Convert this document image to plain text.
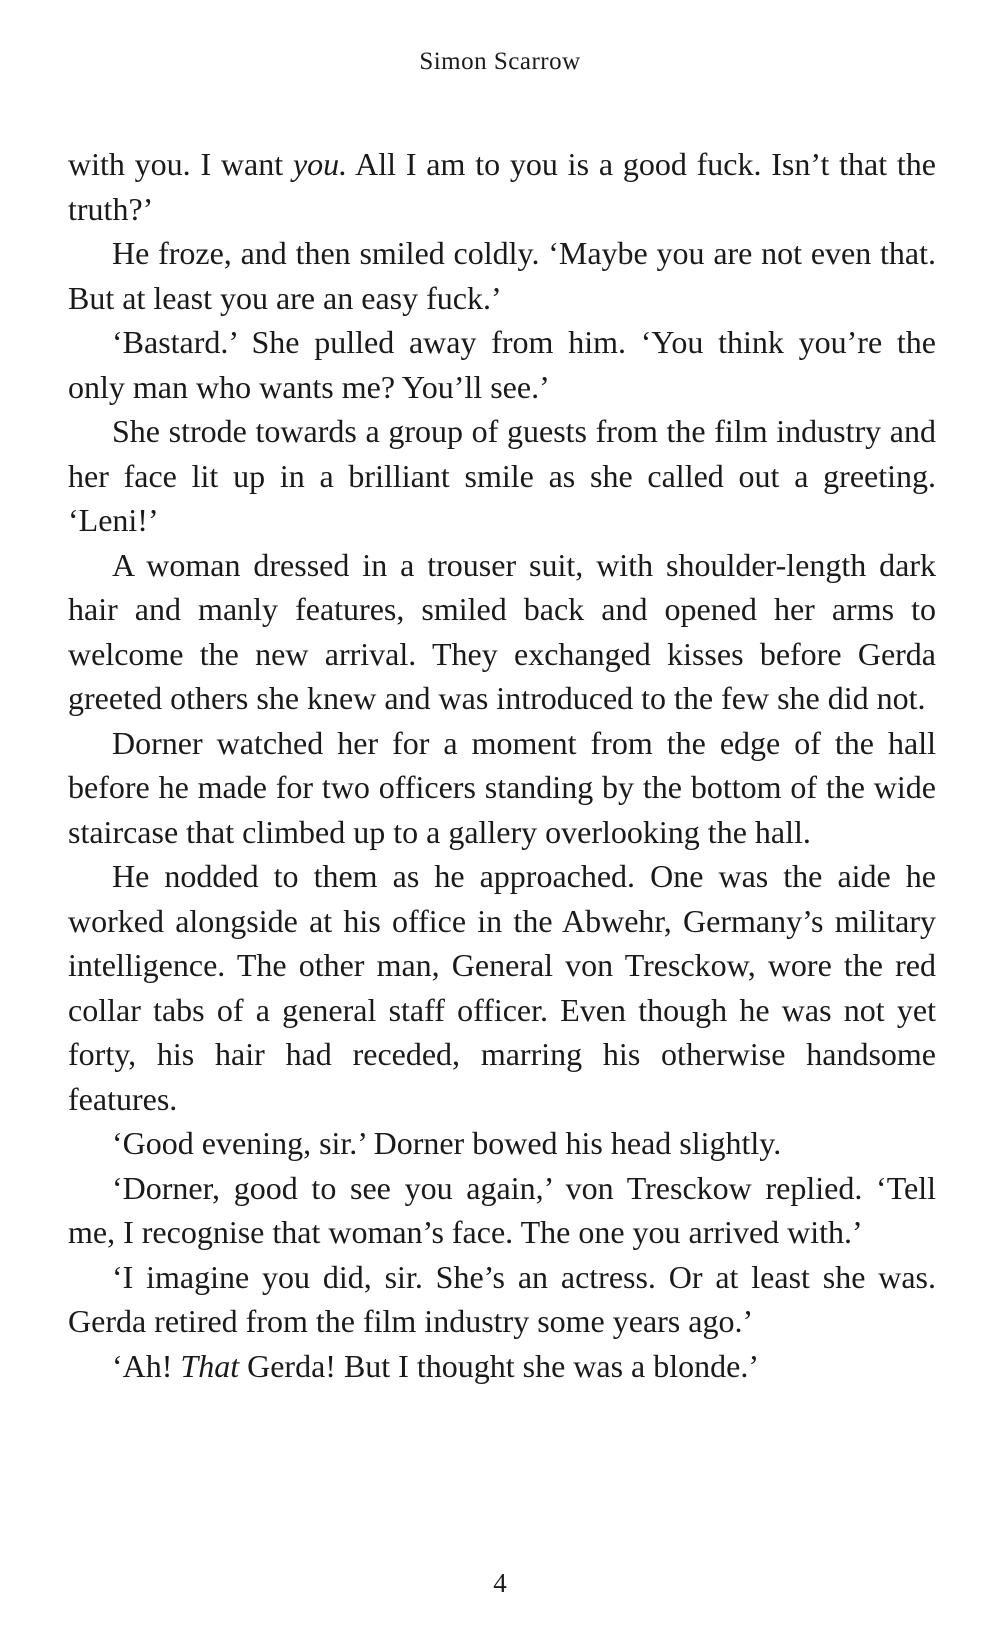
Simon Scarrow

with you. I want you. All I am to you is a good fuck. Isn’t that the truth?’

He froze, and then smiled coldly. ‘Maybe you are not even that. But at least you are an easy fuck.’

‘Bastard.’ She pulled away from him. ‘You think you’re the only man who wants me? You’ll see.’

She strode towards a group of guests from the film industry and her face lit up in a brilliant smile as she called out a greeting. ‘Leni!’

A woman dressed in a trouser suit, with shoulder-length dark hair and manly features, smiled back and opened her arms to welcome the new arrival. They exchanged kisses before Gerda greeted others she knew and was introduced to the few she did not.

Dorner watched her for a moment from the edge of the hall before he made for two officers standing by the bottom of the wide staircase that climbed up to a gallery overlooking the hall.

He nodded to them as he approached. One was the aide he worked alongside at his office in the Abwehr, Germany’s military intelligence. The other man, General von Tresckow, wore the red collar tabs of a general staff officer. Even though he was not yet forty, his hair had receded, marring his otherwise handsome features.

‘Good evening, sir.’ Dorner bowed his head slightly.

‘Dorner, good to see you again,’ von Tresckow replied. ‘Tell me, I recognise that woman’s face. The one you arrived with.’

‘I imagine you did, sir. She’s an actress. Or at least she was. Gerda retired from the film industry some years ago.’

‘Ah! That Gerda! But I thought she was a blonde.’

4
